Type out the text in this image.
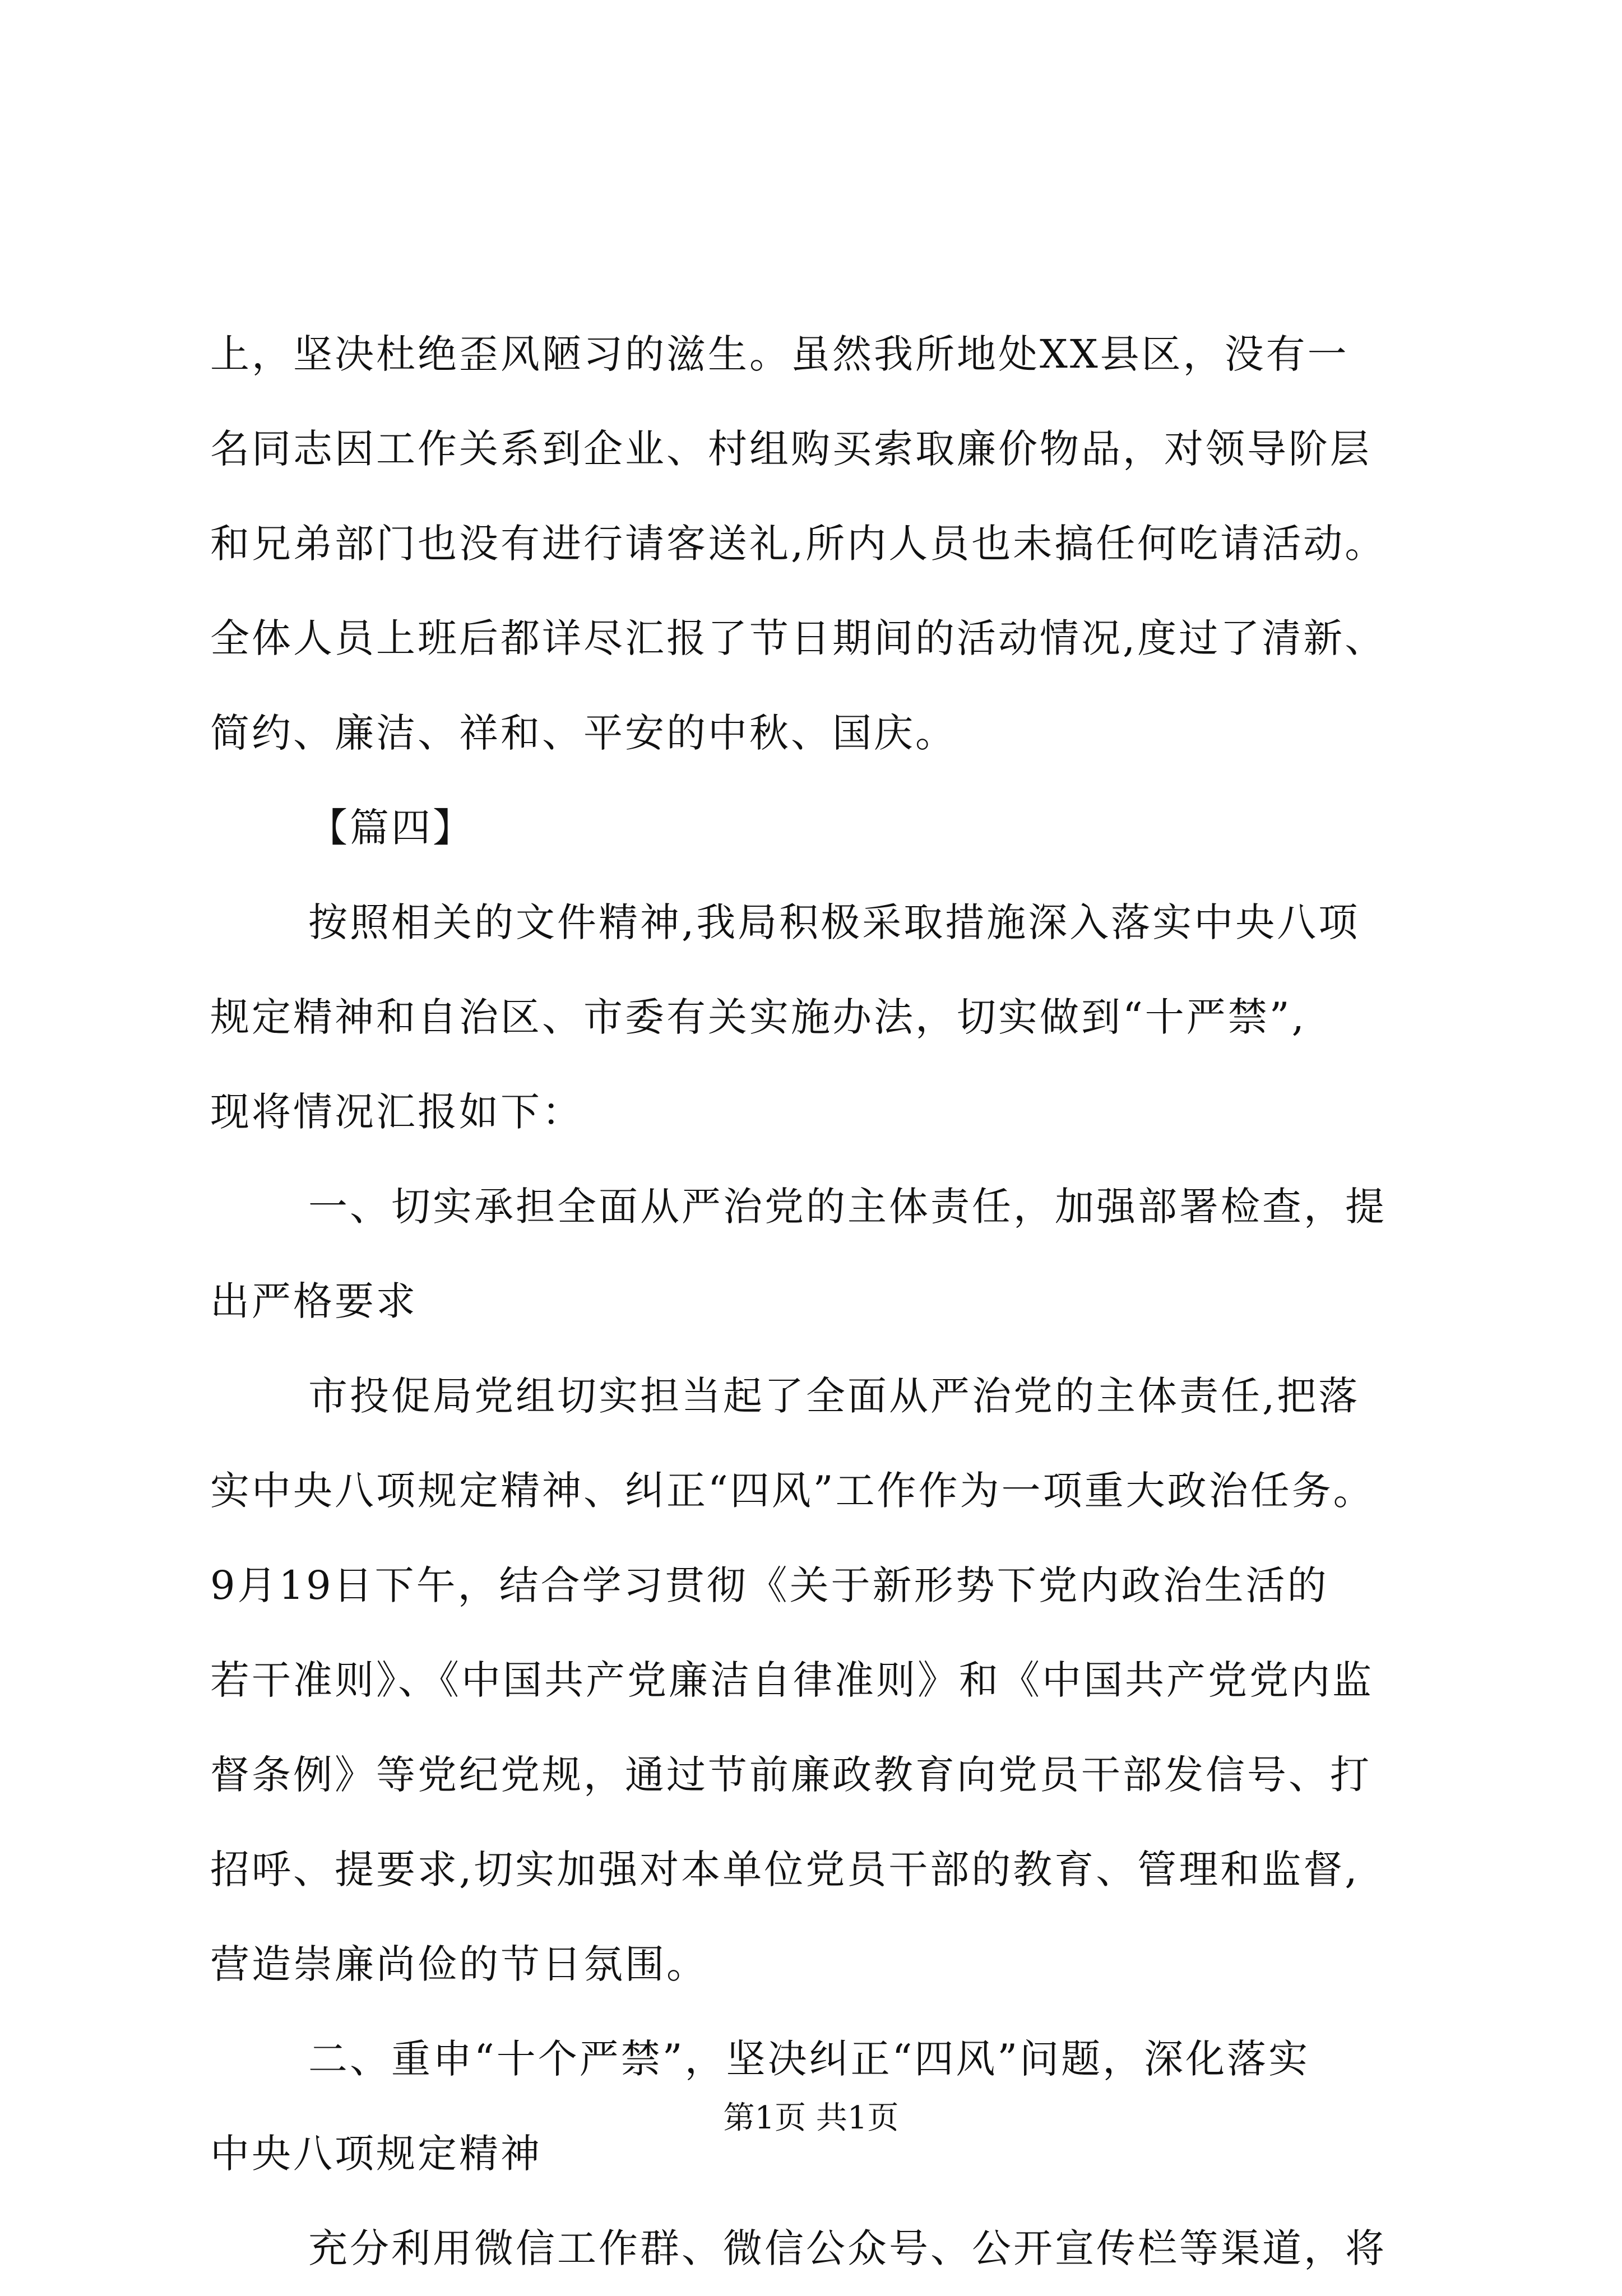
上，坚决杜绝歪风陋习的滋生。虽然我所地处XX县区，没有一
名同志因工作关系到企业、村组购买索取廉价物品，对领导阶层
和兄弟部门也没有进行请客送礼,所内人员也未搞任何吃请活动。
全体人员上班后都详尽汇报了节日期间的活动情况,度过了清新、
简约、廉洁、祥和、平安的中秋、国庆。
【篇四】
按照相关的文件精神,我局积极采取措施深入落实中央八项
规定精神和自治区、市委有关实施办法，切实做到“十严禁”,
现将情况汇报如下：
一、切实承担全面从严治党的主体责任，加强部署检查，提
出严格要求
市投促局党组切实担当起了全面从严治党的主体责任,把落
实中央八项规定精神、纠正“四风”工作作为一项重大政治任务。
9月19日下午，结合学习贯彻《关于新形势下党内政治生活的
若干准则》、《中国共产党廉洁自律准则》和《中国共产党党内监
督条例》等党纪党规，通过节前廉政教育向党员干部发信号、打
招呼、提要求,切实加强对本单位党员干部的教育、管理和监督,
营造崇廉尚俭的节日氛围。
二、重申“十个严禁”，坚决纠正“四风”问题，深化落实
中央八项规定精神
充分利用微信工作群、微信公众号、公开宣传栏等渠道，将
第1页 共1页
